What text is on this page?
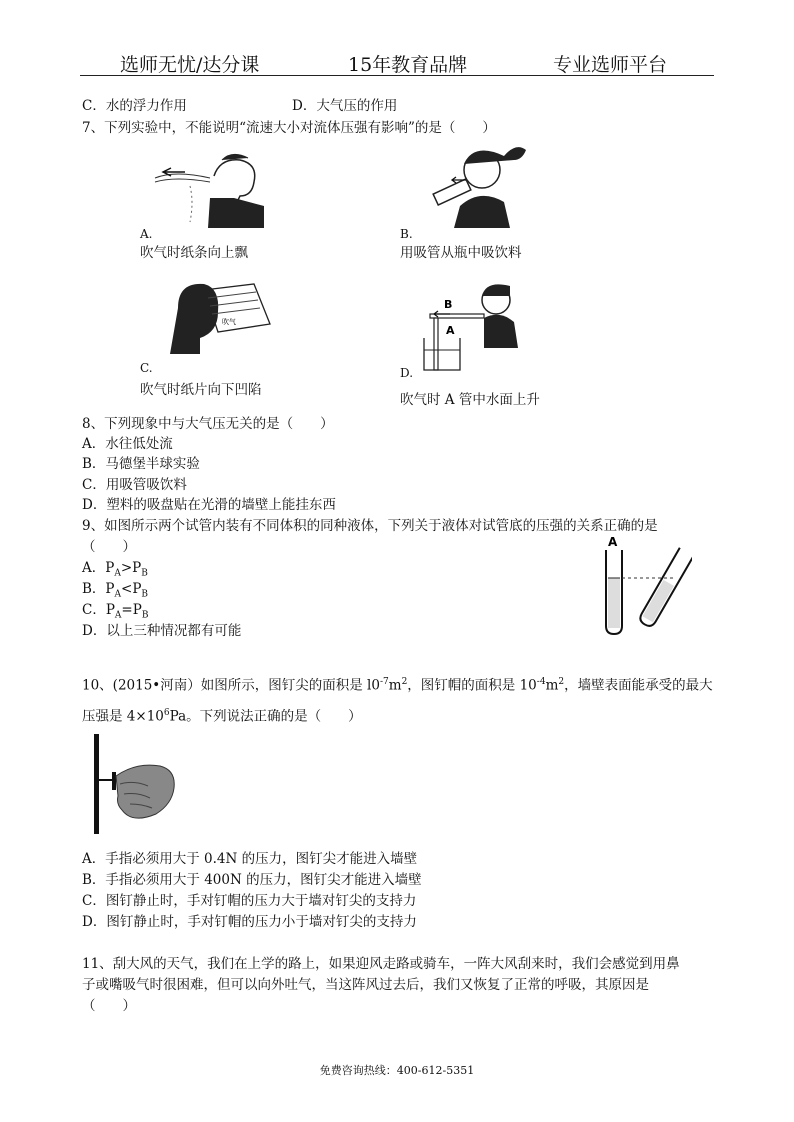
选师无忧/达分课	15年教育品牌	专业选师平台
C．水的浮力作用	D．大气压的作用
7、下列实验中，不能说明“流速大小对流体压强有影响”的是（　　）
A.
吹气时纸条向上飘
B.
用吸管从瓶中吸饮料
吹气
C.
吹气时纸片向下凹陷
B
A
D.
吹气时 A 管中水面上升
8、下列现象中与大气压无关的是（　　）
A．水往低处流
B．马德堡半球实验
C．用吸管吸饮料
D．塑料的吸盘贴在光滑的墙壁上能挂东西
9、如图所示两个试管内装有不同体积的同种液体，下列关于液体对试管底的压强的关系正确的是
（　　）
A．$P_A>P_B$
B．$P_A<P_B$
C．$P_A=P_B$
D．以上三种情况都有可能
A
10、(2015•河南）如图所示，图钉尖的面积是 $l0^{-7}m^2$，图钉帽的面积是 $10^{-4}m^2$，墙壁表面能承受的最大
压强是 $4\times 10^6Pa$。下列说法正确的是（　　）
A．手指必须用大于 0.4N 的压力，图钉尖才能进入墙壁
B．手指必须用大于 400N 的压力，图钉尖才能进入墙壁
C．图钉静止时，手对钉帽的压力大于墙对钉尖的支持力
D．图钉静止时，手对钉帽的压力小于墙对钉尖的支持力
11、刮大风的天气，我们在上学的路上，如果迎风走路或骑车，一阵大风刮来时，我们会感觉到用鼻
子或嘴吸气时很困难，但可以向外吐气，当这阵风过去后，我们又恢复了正常的呼吸，其原因是
（　　）
免费咨询热线：400-612-5351
